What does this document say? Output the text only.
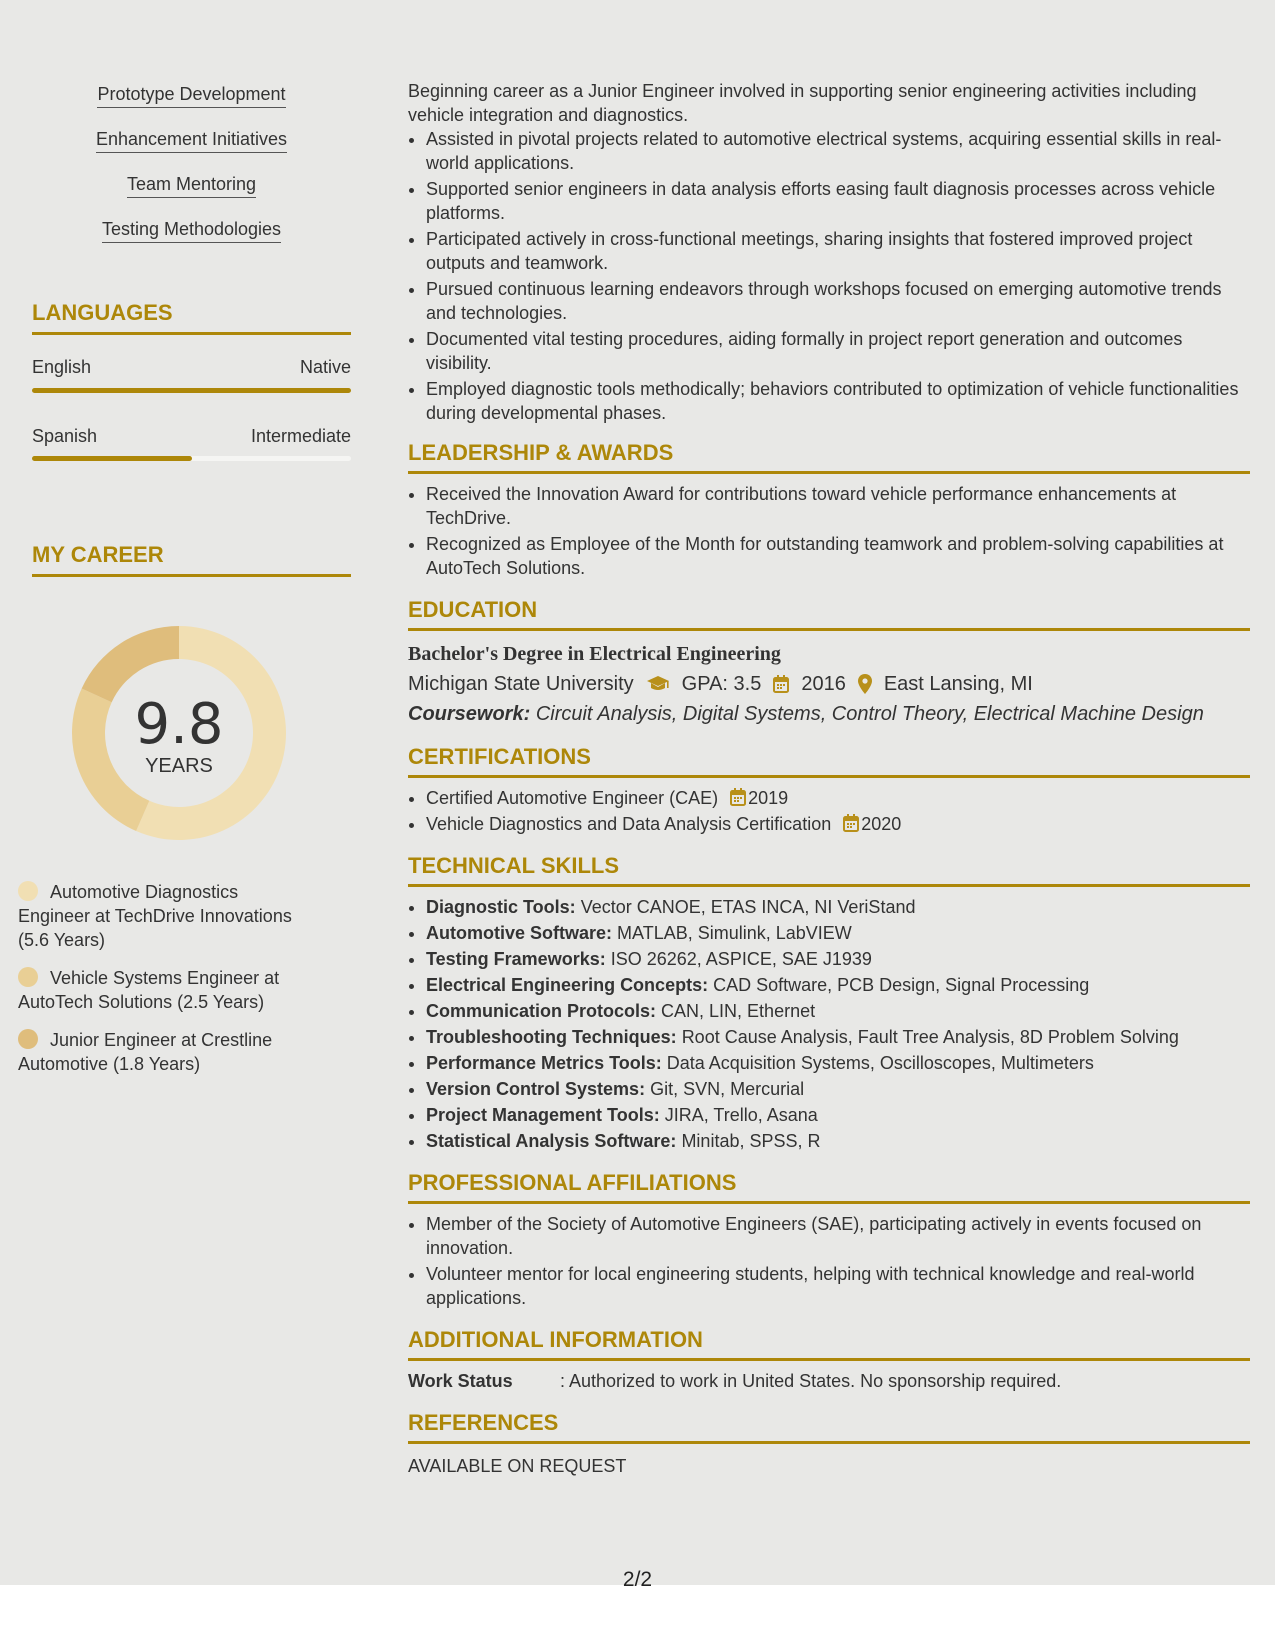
Prototype Development
Enhancement Initiatives
Team Mentoring
Testing Methodologies
LANGUAGES
English	Native
Spanish	Intermediate
MY CAREER
9.8
YEARS
Automotive Diagnostics Engineer at TechDrive Innovations (5.6 Years)
Vehicle Systems Engineer at AutoTech Solutions (2.5 Years)
Junior Engineer at Crestline Automotive (1.8 Years)
Beginning career as a Junior Engineer involved in supporting senior engineering activities including vehicle integration and diagnostics.
• Assisted in pivotal projects related to automotive electrical systems, acquiring essential skills in real-world applications.
• Supported senior engineers in data analysis efforts easing fault diagnosis processes across vehicle platforms.
• Participated actively in cross-functional meetings, sharing insights that fostered improved project outputs and teamwork.
• Pursued continuous learning endeavors through workshops focused on emerging automotive trends and technologies.
• Documented vital testing procedures, aiding formally in project report generation and outcomes visibility.
• Employed diagnostic tools methodically; behaviors contributed to optimization of vehicle functionalities during developmental phases.
LEADERSHIP & AWARDS
• Received the Innovation Award for contributions toward vehicle performance enhancements at TechDrive.
• Recognized as Employee of the Month for outstanding teamwork and problem-solving capabilities at AutoTech Solutions.
EDUCATION
Bachelor's Degree in Electrical Engineering
Michigan State University GPA: 3.5 2016 East Lansing, MI
Coursework: Circuit Analysis, Digital Systems, Control Theory, Electrical Machine Design
CERTIFICATIONS
• Certified Automotive Engineer (CAE) 2019
• Vehicle Diagnostics and Data Analysis Certification 2020
TECHNICAL SKILLS
• Diagnostic Tools: Vector CANOE, ETAS INCA, NI VeriStand
• Automotive Software: MATLAB, Simulink, LabVIEW
• Testing Frameworks: ISO 26262, ASPICE, SAE J1939
• Electrical Engineering Concepts: CAD Software, PCB Design, Signal Processing
• Communication Protocols: CAN, LIN, Ethernet
• Troubleshooting Techniques: Root Cause Analysis, Fault Tree Analysis, 8D Problem Solving
• Performance Metrics Tools: Data Acquisition Systems, Oscilloscopes, Multimeters
• Version Control Systems: Git, SVN, Mercurial
• Project Management Tools: JIRA, Trello, Asana
• Statistical Analysis Software: Minitab, SPSS, R
PROFESSIONAL AFFILIATIONS
• Member of the Society of Automotive Engineers (SAE), participating actively in events focused on innovation.
• Volunteer mentor for local engineering students, helping with technical knowledge and real-world applications.
ADDITIONAL INFORMATION
Work Status	: Authorized to work in United States. No sponsorship required.
REFERENCES
AVAILABLE ON REQUEST
2/2
